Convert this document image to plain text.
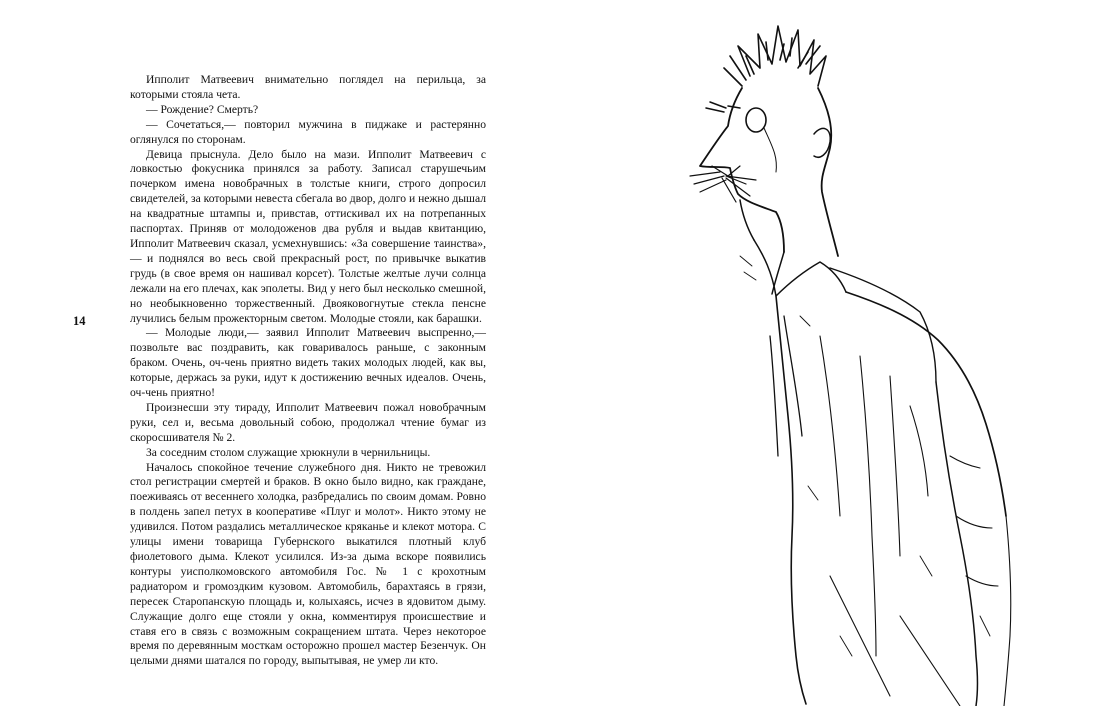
14

Ипполит Матвеевич внимательно поглядел на перильца, за которыми стояла чета.

— Рождение? Смерть?

— Сочетаться,— повторил мужчина в пиджаке и растерянно оглянулся по сторонам.

Девица прыснула. Дело было на мази. Ипполит Матвеевич с ловкостью фокусника принялся за работу. Записал старушечьим почерком имена новобрачных в толстые книги, строго допросил свидетелей, за которыми невеста сбегала во двор, долго и нежно дышал на квадратные штампы и, привстав, оттискивал их на потрепанных паспортах. Приняв от молодоженов два рубля и выдав квитанцию, Ипполит Матвеевич сказал, усмехнувшись: «За совершение таинства»,— и поднялся во весь свой прекрасный рост, по привычке выкатив грудь (в свое время он нашивал корсет). Толстые желтые лучи солнца лежали на его плечах, как эполеты. Вид у него был несколько смешной, но необыкновенно торжественный. Двояковогнутые стекла пенсне лучились белым прожекторным светом. Молодые стояли, как барашки.

— Молодые люди,— заявил Ипполит Матвеевич выспренно,— позвольте вас поздравить, как говаривалось раньше, с законным браком. Очень, оч-чень приятно видеть таких молодых людей, как вы, которые, держась за руки, идут к достижению вечных идеалов. Очень, оч-чень приятно!

Произнесши эту тираду, Ипполит Матвеевич пожал новобрачным руки, сел и, весьма довольный собою, продолжал чтение бумаг из скоросшивателя № 2.

За соседним столом служащие хрюкнули в чернильницы.

Началось спокойное течение служебного дня. Никто не тревожил стол регистрации смертей и браков. В окно было видно, как граждане, поеживаясь от весеннего холодка, разбредались по своим домам. Ровно в полдень запел петух в кооперативе «Плуг и молот». Никто этому не удивился. Потом раздались металлическое кряканье и клекот мотора. С улицы имени товарища Губернского выкатился плотный клуб фиолетового дыма. Клекот усилился. Из-за дыма вскоре появились контуры уисполкомовского автомобиля Гос. № 1 с крохотным радиатором и громоздким кузовом. Автомобиль, барахтаясь в грязи, пересек Старопанскую площадь и, колыхаясь, исчез в ядовитом дыму. Служащие долго еще стояли у окна, комментируя происшествие и ставя его в связь с возможным сокращением штата. Через некоторое время по деревянным мосткам осторожно прошел мастер Безенчук. Он целыми днями шатался по городу, выпытывая, не умер ли кто.
